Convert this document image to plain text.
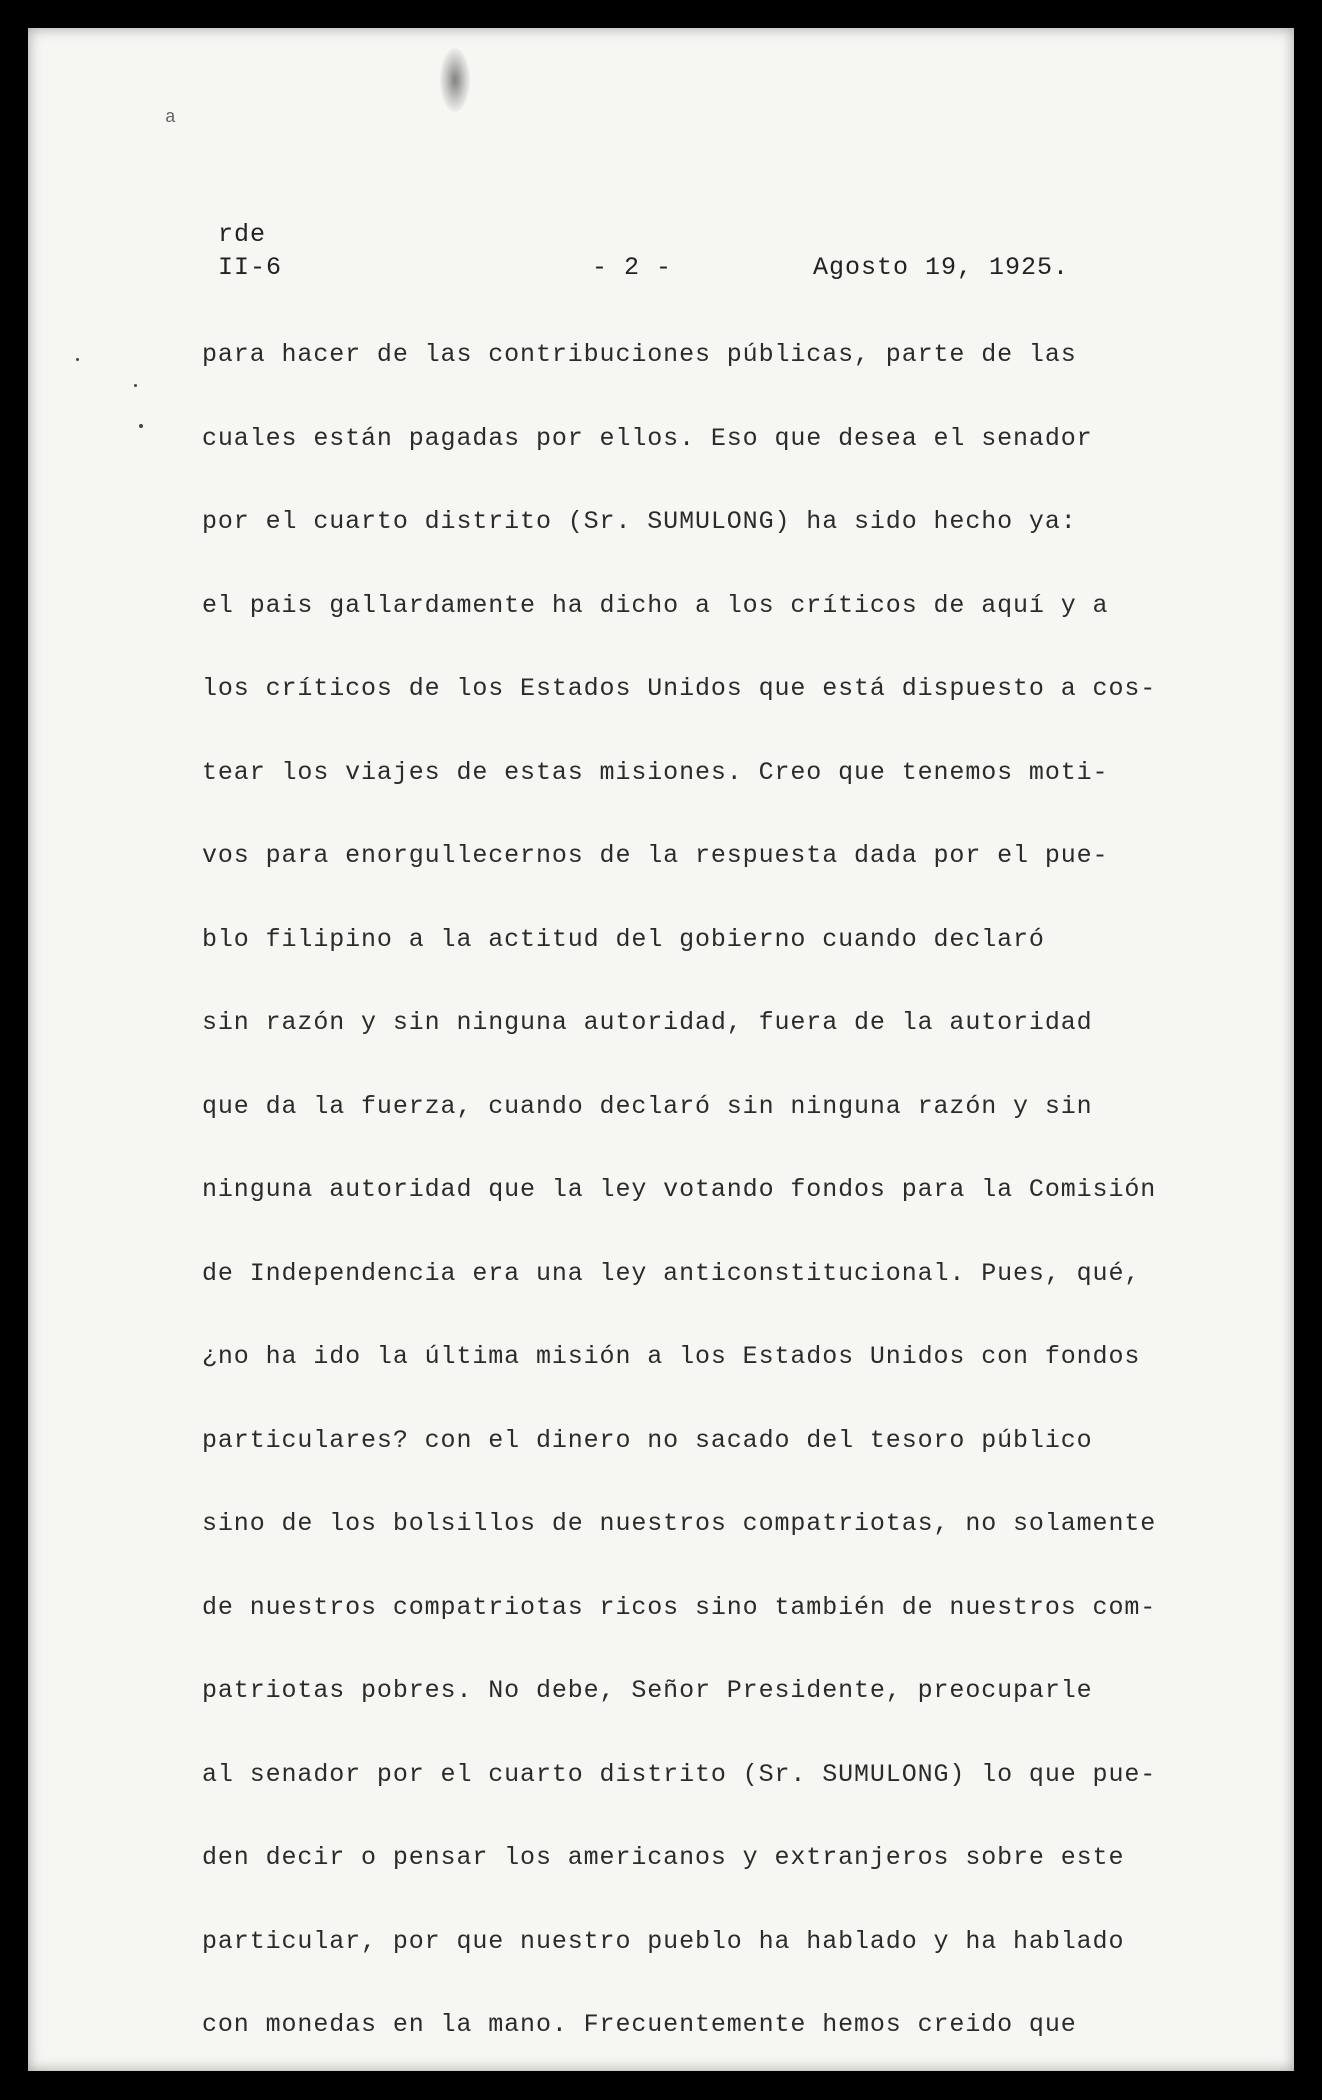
a
rde
II-6	- 2 -	Agosto 19, 1925.
para hacer de las contribuciones públicas, parte de las
cuales están pagadas por ellos. Eso que desea el senador
por el cuarto distrito (Sr. SUMULONG) ha sido hecho ya:
el pais gallardamente ha dicho a los críticos de aquí y a
los críticos de los Estados Unidos que está dispuesto a cos-
tear los viajes de estas misiones. Creo que tenemos moti-
vos para enorgullecernos de la respuesta dada por el pue-
blo filipino a la actitud del gobierno cuando declaró
sin razón y sin ninguna autoridad, fuera de la autoridad
que da la fuerza, cuando declaró sin ninguna razón y sin
ninguna autoridad que la ley votando fondos para la Comisión
de Independencia era una ley anticonstitucional. Pues, qué,
¿no ha ido la última misión a los Estados Unidos con fondos
particulares? con el dinero no sacado del tesoro público
sino de los bolsillos de nuestros compatriotas, no solamente
de nuestros compatriotas ricos sino también de nuestros com-
patriotas pobres. No debe, Señor Presidente, preocuparle
al senador por el cuarto distrito (Sr. SUMULONG) lo que pue-
den decir o pensar los americanos y extranjeros sobre este
particular, por que nuestro pueblo ha hablado y ha hablado
con monedas en la mano. Frecuentemente hemos creido que
